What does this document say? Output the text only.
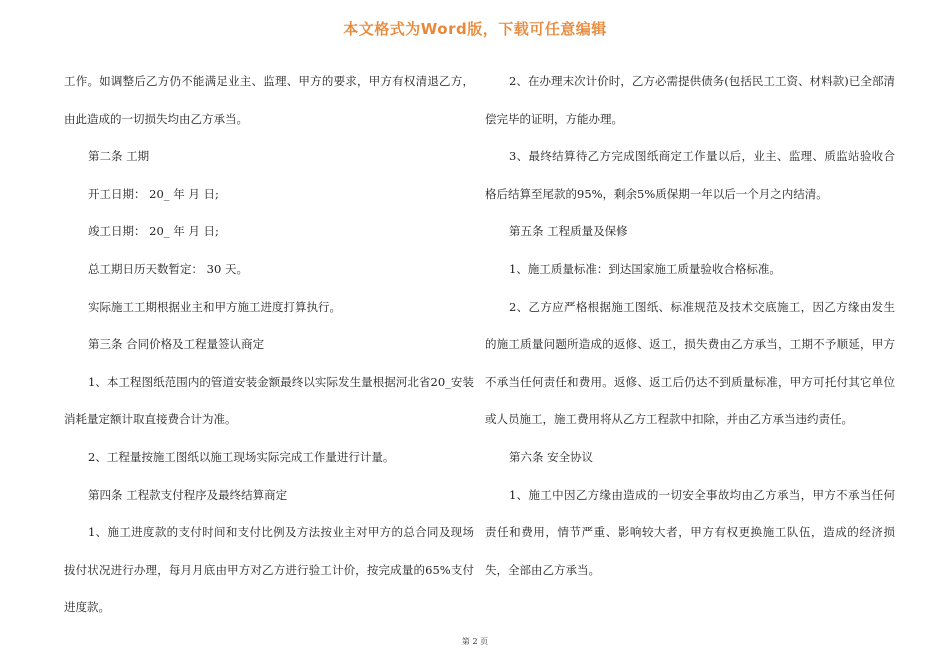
本文格式为Word版，下载可任意编辑

工作。如调整后乙方仍不能满足业主、监理、甲方的要求，甲方有权清退乙方，由此造成的一切损失均由乙方承当。

第二条 工期

开工日期： 20_ 年 月 日;

竣工日期： 20_ 年 月 日;

总工期日历天数暂定： 30 天。

实际施工工期根据业主和甲方施工进度打算执行。

第三条 合同价格及工程量签认商定

1、本工程图纸范围内的管道安装金额最终以实际发生量根据河北省20_安装消耗量定额计取直接费合计为准。

2、工程量按施工图纸以施工现场实际完成工作量进行计量。

第四条 工程款支付程序及最终结算商定

1、施工进度款的支付时间和支付比例及方法按业主对甲方的总合同及现场拔付状况进行办理，每月月底由甲方对乙方进行验工计价，按完成量的65%支付进度款。

2、在办理末次计价时，乙方必需提供债务(包括民工工资、材料款)已全部清偿完毕的证明，方能办理。

3、最终结算待乙方完成图纸商定工作量以后，业主、监理、质监站验收合格后结算至尾款的95%，剩余5%质保期一年以后一个月之内结清。

第五条 工程质量及保修

1、施工质量标准：到达国家施工质量验收合格标准。

2、乙方应严格根据施工图纸、标准规范及技术交底施工，因乙方缘由发生的施工质量问题所造成的返修、返工，损失费由乙方承当，工期不予顺延，甲方不承当任何责任和费用。返修、返工后仍达不到质量标准，甲方可托付其它单位或人员施工，施工费用将从乙方工程款中扣除，并由乙方承当违约责任。

第六条 安全协议

1、施工中因乙方缘由造成的一切安全事故均由乙方承当，甲方不承当任何责任和费用，情节严重、影响较大者，甲方有权更换施工队伍，造成的经济损失，全部由乙方承当。

第 2 页
